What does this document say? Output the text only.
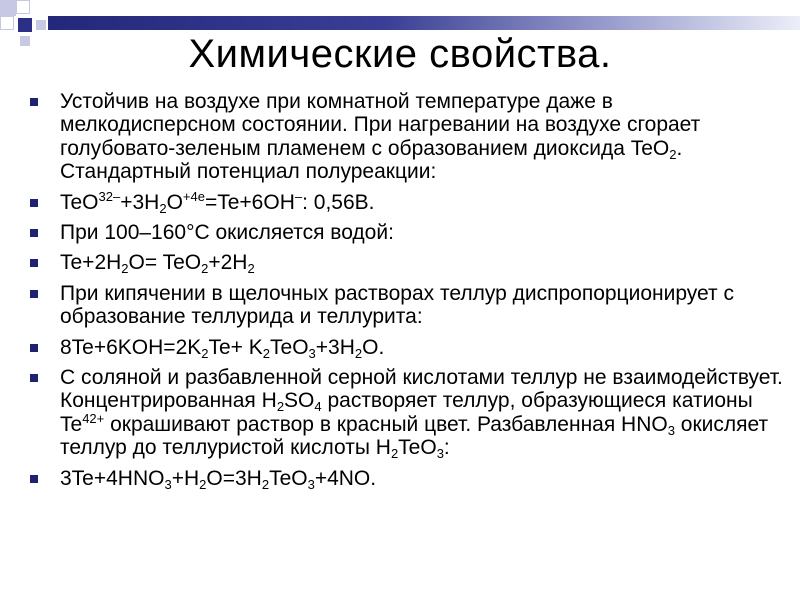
Химические свойства.
Устойчив на воздухе при комнатной температуре даже в мелкодисперсном состоянии. При нагревании на воздухе сгорает голубовато-зеленым пламенем с образованием диоксида TeO$_2$. Стандартный потенциал полуреакции:
$TeO^{32-}+3H_2O^{+4e}=Te+6OH^-$: 0,56В.
При 100–160°C окисляется водой:
$Te+2H_2O= TeO_2+2H_2$
При кипячении в щелочных растворах теллур диспропорционирует с образование теллурида и теллурита:
$8Te+6KOH=2K_2Te+ K_2TeO_3+3H_2O$.
С соляной и разбавленной серной кислотами теллур не взаимодействует. Концентрированная $H_2SO_4$ растворяет теллур, образующиеся катионы $Te^{42+}$ окрашивают раствор в красный цвет. Разбавленная $HNO_3$ окисляет теллур до теллуристой кислоты $H_2TeO_3$:
$3Te+4HNO_3+H_2O=3H_2TeO_3+4NO$.
